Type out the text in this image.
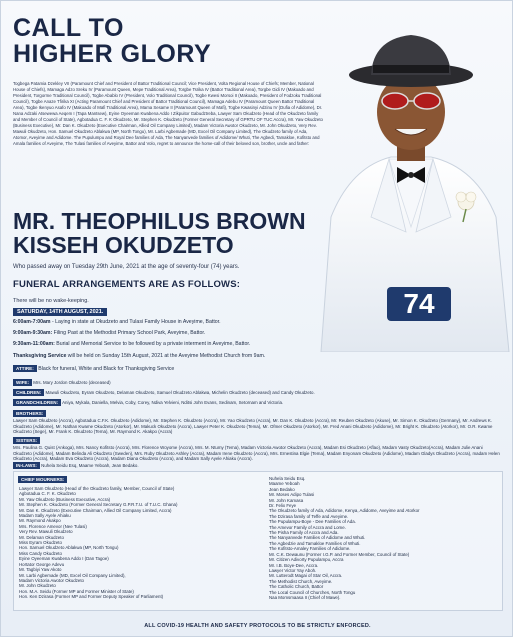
CALL TO
HIGHER GLORY
Togbega Patamia Dzekley VII (Paramount Chief and President of Battor Traditional Council; Vice President, Volta Regional House of Chiefs; Member, National House of Chiefs), Mamaga Adzo Sreku IV (Paramount Queen, Mepe Traditional Area), Torgbe Tsrika IV (Battor Traditional Area), Torgbe Gidi IV (Makoado and President, Torgorme Traditional Council), Togbe Abablo IV (President, Volo Traditional Council), Togbe Kwesi Morsoi II (Makoado, President of Fodzoku Traditional Council), Togbe Anaze Tfirika XI (Acting Paramount Chief and President of Battor Traditional Council), Mamaga Adebu IV (Paramount Queen Battor Traditional Area), Togbe Ikenyuo Asafo IV (Makoado of Mafi Traditional Area), Mama Sesame II (Paramount Queen of Mafi), Togbe Kwasinyi Adzinu IV (Dufia of Adidome), Dr. Nana Adzaki Atsewewa Aeqem I (Tapa Mantsew), Eyine Oyeeman Kwabena Addo I Zikpuitor Gabudztreba, Lawyer Sam Okudzeto (Head of the Okudzeto family and Member of Council of State), Agbotadua C. F. K Okudzeto, Mr. Stephen K. Okudzeto (Former General Secretary of GPRTU OF TUC Accra), Mr. Yaw Okudzeto (Business Executive), Mr. Dan K. Okudzeto (Executive Chairman, Allied Oil Company Limited), Madam Victoria Awotor Okudzeto, Mr. John Okudzeto, Very Rev. Mawuli Okudzeto, Hon. Samuel Okudzeto Ablakwa (MP, North Tongu), Mr. Larbi Agbemade (MD, Excel Oil Company Limited), The Okudzeto family of Ada, Atomor, Aveyime and Adidome. The Pupulumpu and Royal Dee families of Ada, The Nanyanvede families of Adidome/ Whuti, The Agbedi, Tamakloe, Kofitsto and Amala families of Aveyime, The Tulasi families of Aveyime, Battor and Volo, regret to announce the home-call of their beloved son, brother, uncle and father:
MR. THEOPHILUS BROWN
KISSEH OKUDZETO
Who passed away on Tuesday 29th June, 2021 at the age of seventy-four (74) years.
FUNERAL ARRANGEMENTS ARE AS FOLLOWS:
There will be no wake-keeping.
SATURDAY, 14TH AUGUST, 2021.
6:00am-7:00am - Laying in state at Okudzeto and Tulasi Family House in Aveyime, Battor.
9:00am-9:30am: Filing Past at the Methodist Primary School Park, Aveyime, Battor.
9:30am-11:00am: Burial and Memorial Service to be followed by a private interment in Aveyime, Battor.
Thanksgiving Service will be held on Sunday 15th August, 2021 at the Aveyime Methodist Church from 9am.
74
ATTIRE: Black for funeral, White and Black for Thanksgiving Service
WIFE: Mrs. Mary Jordon Okudzeto (deceased)
CHILDREN: Mawuli Okudzeto, Eyram Okudzeto, Delaman Okudzeto, Samuel Okudzeto Ablakwa, Michelin Okudzeto (deceased) and Candy Okudzeto.
GRANDCHILDREN: Aniya, Mykala, Daniella, Melvia, Coby, Corey, Ndiva Yelvieni, Nditsi John Evans, Sedinam, Setornam and Victoria.
BROTHERS:
Lawyer Sam Okudzeto (Accra), Agbotadua C.F.K. Okudzeto (Adidome), Mr. Stephen K. Okudzeto (Accra), Mr. Yao Okudzeto (Accra), Mr. Dan K. Okudzeto (Accra), Mr. Reuben Okudzeto (Akuse), Mr. Simon K. Okudzeto (Germany), Mr. Andrews K. Okudzeto (Adidome), Mr. Nathan Kwame Okudzeto (Atorkor), Mr. Makuck Okudzeto (Accra), Lawyer Peter K. Okudzeto (Tema), Mr. Ofmer Okudzeto (Atorkor), Mr. Fred Anani Okudzeto (Adidome), Mr. Bright K. Okudzeto (Atorkor), Mr. O.R. Kwame Okudzeto (Sege), Mr. Frank K. Okudzeto (Tema), Mr. Raymond K. Akakpo (Accra)
SISTERS:
Mrs. Paulina G. Quist (Ankoga), Mrs. Nancy Kofitsto (Accra), Mrs. Florence Woyome (Accra), Mrs. M. Ntumy (Tema), Madam Victoria Awotor Okudzeto (Accra), Madam Esi Okudzeto (Aflao), Madam Vasty Okudzeto(Accra), Madam Julie Anani Okudzeto (Adidome), Madam Belinda Ali Okudzeto (Sweden), Mrs. Ruby Okudzeto Ashley (Accra), Madam Irene Okudzeto (Accra), Mrs. Ernestina Elgie (Tema), Madam Enyonam Okudzeto (Adidome), Madam Gladys Okudzeto (Accra), madam Helen Okudzeto (Accra), Madam Eva Okudzeto (Accra), Madam Diana Okudzeto (Accra), and Madam Sally Ayele Ahiaku (Accra).
IN-LAWS: Nuhela Seidu Esq, Maame Yeboah, Jean Bedako.
CHIEF MOURNERS:
Lawyer Sam Okudzeto (Head of the Okudzeto family, Member, Council of State)
Agbotadua C. F. K. Okudzeto
Mr. Yaw Okudzeto (Business Executive, Accra)
Mr. Stephen K. Okudzeto (Former General Secretary G.P.R.T.U. of T.U.C. Ghana)
Mr. Dan K. Okudzeto (Executive Chairman, Allied Oil Company Limited, Accra)
Madam Sally Ayele Ahiaku
Mr. Raymond Akakpo
Mrs. Florence Amevor (Nee Tulasi)
Very Rev. Mawuli Okudzeto
Mr. Delaman Okudzeto
Miss Eyram Okudzeto
Hon. Samuel Okudzeto Ablakwa (MP, North Tongu)
Miss Candy Okudzeto
Eyine Oyeeman Kwabena Addo I (Dan Tagoe)
Hortator George Adevu
Mr. Tagbiyi Yaw Akoto
Mr. Larbi Agbemade (MD, Excel Oil Company Limited),
Madam Victoria Awotor Okudzeto
Mr. John Okudzeto
Hon. M.A. Seidu (Former MP and Former Minister of State)
Hon. Ken Dzirasa (Former MP and Former Deputy Speaker of Parliament)
Nuhela Seidu Esq.
Maame Yeboah
Jean Bedako
Mr. Moses Adipo Tulasi
Mr. John Kamasa
Dr. Felix Feye
The Okudzeto family of Ada, Adidome, Kenya, Adidome, Aveyime and Atorkor
The Dzirasa family of Teffe and Aveyime.
The Pupulampu-Boye - Dee Families of Ada.
The Amevor Family of Accra and Lome.
The Pisha Family of Accra and Ada.
The Nanyanvede Families of Adidome and Whuti.
The Agbedzie and Tamakloe Families of Whuti.
The Kofitsto-Amaley Families of Adidome.
Mr. C.K. Dewaunu (Former I.G.P. and Former Member, Council of State)
Mr. Citizen Adivorty Pupulampu, Accra
Mr. I.B. Boye-Dee, Accra.
Lawyer Victor Yay Aboh.
Mr. Lutterodt Magai of Star Oil, Accra.
The Methodist Church, Aveyime.
The Catholic Church, Battor
The Local Council of Churches, North Tongu
Naa Momsmaasa II (Chief of Mawe).
ALL COVID-19 HEALTH AND SAFETY PROTOCOLS TO BE STRICTLY ENFORCED.
